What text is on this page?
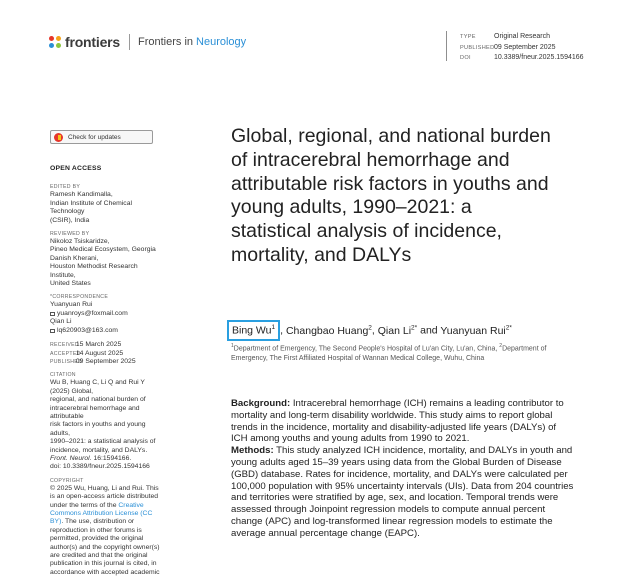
frontiers Frontiers in Neurology	TYPE	Original Research
PUBLISHED09 September 2025
DOI	10.3389/fneur.2025.1594166
Check for updates
OPEN ACCESS
EDITED BY
Ramesh Kandimalla,
Indian Institute of Chemical Technology
(CSIR), India
REVIEWED BY
Nikoloz Tsiskaridze,
Pineo Medical Ecosystem, Georgia
Danish Kherani,
Houston Methodist Research Institute,
United States
*CORRESPONDENCE
Yuanyuan Rui
yuanroys@foxmail.com
Qian Li
lq620903@163.com
RECEIVED 15 March 2025
ACCEPTED 14 August 2025
PUBLISHED 09 September 2025
CITATION
Wu B, Huang C, Li Q and Rui Y (2025) Global,
regional, and national burden of
intracerebral hemorrhage and attributable
risk factors in youths and young adults,
1990–2021: a statistical analysis of
incidence, mortality, and DALYs.
Front. Neurol. 16:1594166.
doi: 10.3389/fneur.2025.1594166
COPYRIGHT
© 2025 Wu, Huang, Li and Rui. This is an open-access article distributed under the terms of the Creative Commons Attribution License (CC BY). The use, distribution or reproduction in other forums is permitted, provided the original author(s) and the copyright owner(s) are credited and that the original publication in this journal is cited, in accordance with accepted academic
Global, regional, and national burden of intracerebral hemorrhage and attributable risk factors in youths and young adults, 1990–2021: a statistical analysis of incidence, mortality, and DALYs
Bing Wu$^1$ , Changbao Huang$^2$, Qian $Li^{2*}$ and Yuanyuan Rui$^{2*}$
$^1$Department of Emergency, The Second People's Hospital of Lu'an City, Lu'an, China, $^2$Department of Emergency, The First Affiliated Hospital of Wannan Medical College, Wuhu, China

Background: Intracerebral hemorrhage (ICH) remains a leading contributor to mortality and long-term disability worldwide. This study aims to report global trends in the incidence, mortality and disability-adjusted life years (DALYs) of ICH among youths and young adults from 1990 to 2021.

Methods: This study analyzed ICH incidence, mortality, and DALYs in youth and young adults aged 15–39 years using data from the Global Burden of Disease (GBD) database. Rates for incidence, mortality, and DALYs were calculated per 100,000 population with 95% uncertainty intervals (UIs). Data from 204 countries and territories were stratified by age, sex, and location. Temporal trends were assessed through Joinpoint regression models to compute annual percent change (APC) and log-transformed linear regression models to estimate the average annual percentage change (EAPC).
